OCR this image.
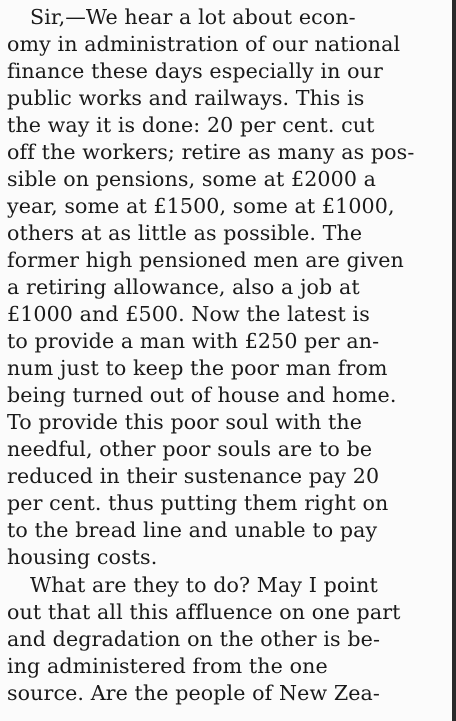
Sir,—We hear a lot about econ-
omy in administration of our national
finance these days especially in our
public works and railways. This is
the way it is done: 20 per cent. cut
off the workers; retire as many as pos-
sible on pensions, some at £2000 a
year, some at £1500, some at £1000,
others at as little as possible. The
former high pensioned men are given
a retiring allowance, also a job at
£1000 and £500. Now the latest is
to provide a man with £250 per an-
num just to keep the poor man from
being turned out of house and home.
To provide this poor soul with the
needful, other poor souls are to be
reduced in their sustenance pay 20
per cent. thus putting them right on
to the bread line and unable to pay
housing costs.
What are they to do? May I point
out that all this affluence on one part
and degradation on the other is be-
ing administered from the one
source. Are the people of New Zea-
